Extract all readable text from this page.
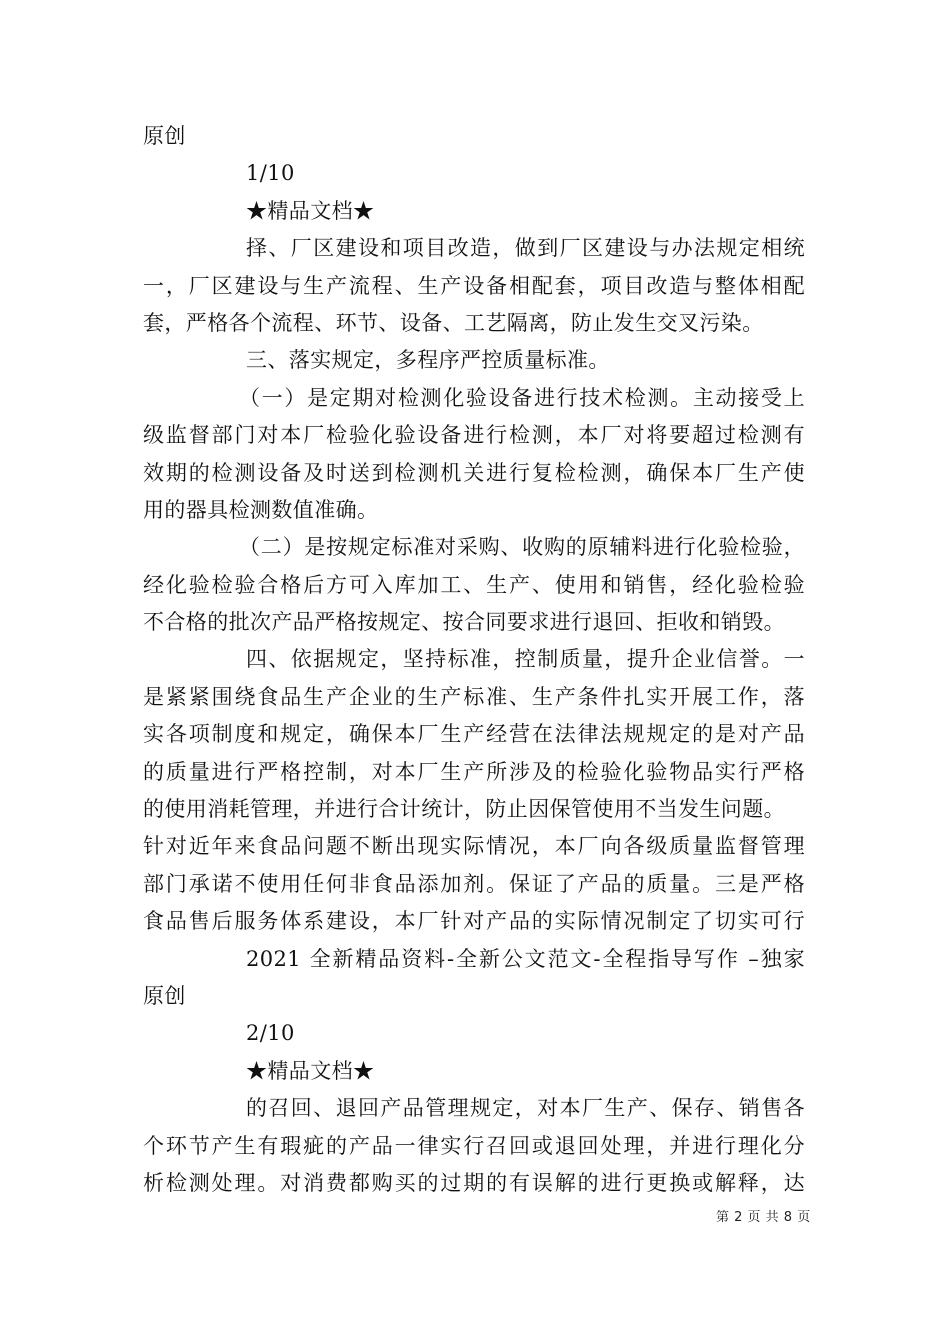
原创
1/10
★精品文档★
择、厂区建设和项目改造，做到厂区建设与办法规定相统
一，厂区建设与生产流程、生产设备相配套，项目改造与整体相配
套，严格各个流程、环节、设备、工艺隔离，防止发生交叉污染。
三、落实规定，多程序严控质量标准。
（一）是定期对检测化验设备进行技术检测。主动接受上
级监督部门对本厂检验化验设备进行检测，本厂对将要超过检测有
效期的检测设备及时送到检测机关进行复检检测，确保本厂生产使
用的器具检测数值准确。
（二）是按规定标准对采购、收购的原辅料进行化验检验，
经化验检验合格后方可入库加工、生产、使用和销售，经化验检验
不合格的批次产品严格按规定、按合同要求进行退回、拒收和销毁。
四、依据规定，坚持标准，控制质量，提升企业信誉。一
是紧紧围绕食品生产企业的生产标准、生产条件扎实开展工作，落
实各项制度和规定，确保本厂生产经营在法律法规规定的是对产品
的质量进行严格控制，对本厂生产所涉及的检验化验物品实行严格
的使用消耗管理，并进行合计统计，防止因保管使用不当发生问题。
针对近年来食品问题不断出现实际情况，本厂向各级质量监督管理
部门承诺不使用任何非食品添加剂。保证了产品的质量。三是严格
食品售后服务体系建设，本厂针对产品的实际情况制定了切实可行
2021 全新精品资料-全新公文范文-全程指导写作 –独家
原创
2/10
★精品文档★
的召回、退回产品管理规定，对本厂生产、保存、销售各
个环节产生有瑕疵的产品一律实行召回或退回处理，并进行理化分
析检测处理。对消费都购买的过期的有误解的进行更换或解释，达
第 2 页 共 8 页
